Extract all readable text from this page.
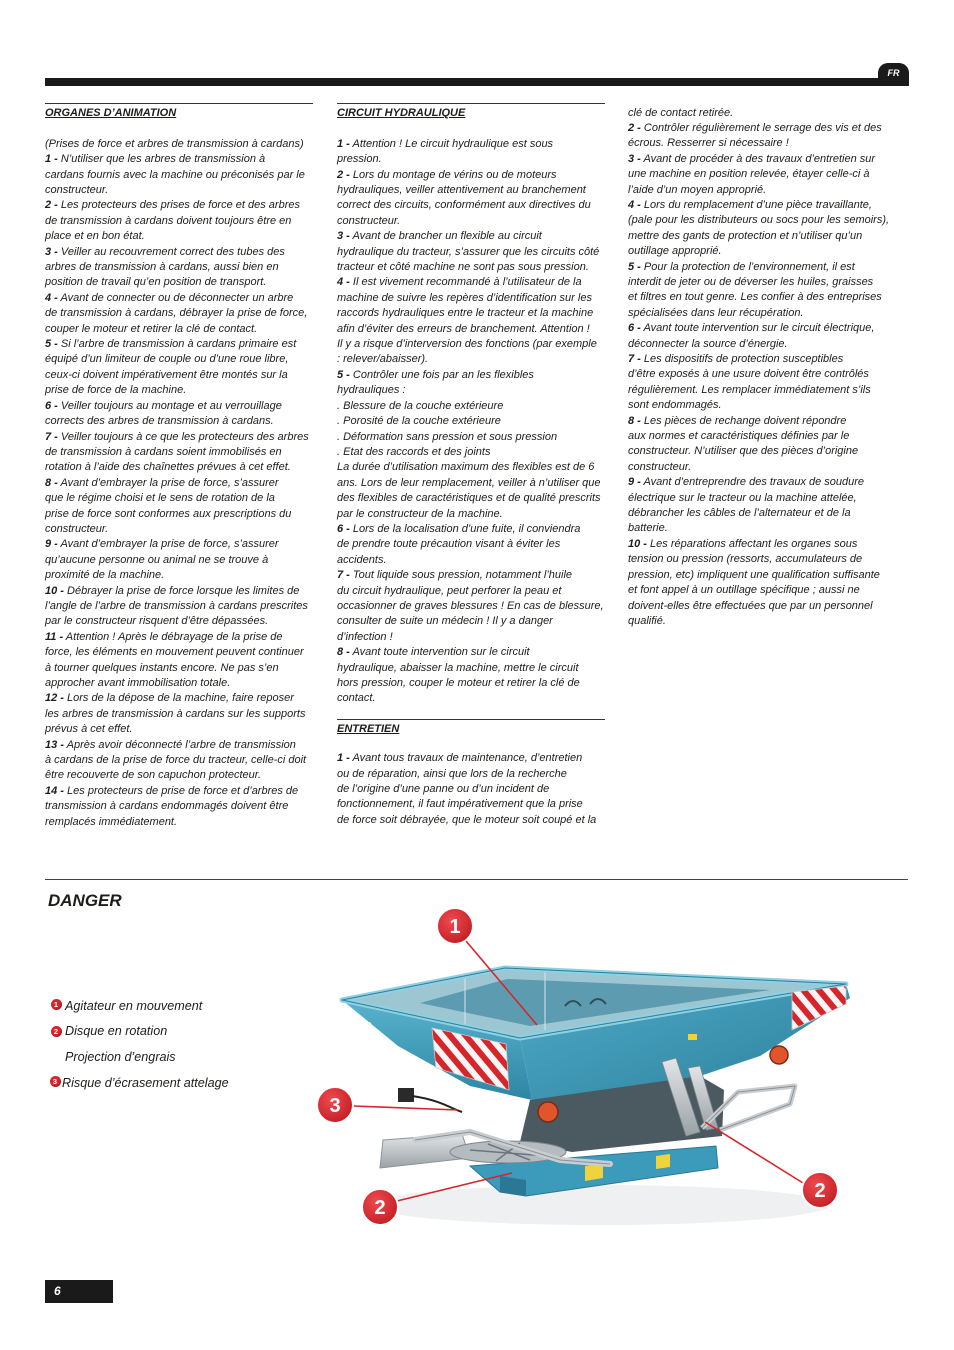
FR
ORGANES D’ANIMATION

(Prises de force et arbres de transmission à cardans)

1 - N’utiliser que les arbres de transmission à
cardans fournis avec la machine ou préconisés par le
constructeur.

2 - Les protecteurs des prises de force et des arbres
de transmission à cardans doivent toujours être en
place et en bon état.

3 - Veiller au recouvrement correct des tubes des
arbres de transmission à cardans, aussi bien en
position de travail qu’en position de transport.

4 - Avant de connecter ou de déconnecter un arbre
de transmission à cardans, débrayer la prise de force,
couper le moteur et retirer la clé de contact.

5 - Si l’arbre de transmission à cardans primaire est
équipé d’un limiteur de couple ou d’une roue libre,
ceux-ci doivent impérativement être montés sur la
prise de force de la machine.

6 - Veiller toujours au montage et au verrouillage
corrects des arbres de transmission à cardans.

7 - Veiller toujours à ce que les protecteurs des arbres
de transmission à cardans soient immobilisés en
rotation à l’aide des chaînettes prévues à cet effet.

8 - Avant d’embrayer la prise de force, s’assurer
que le régime choisi et le sens de rotation de la
prise de force sont conformes aux prescriptions du
constructeur.

9 - Avant d’embrayer la prise de force, s’assurer
qu’aucune personne ou animal ne se trouve à
proximité de la machine.

10 - Débrayer la prise de force lorsque les limites de
l’angle de l’arbre de transmission à cardans prescrites
par le constructeur risquent d’être dépassées.

11 - Attention ! Après le débrayage de la prise de
force, les éléments en mouvement peuvent continuer
à tourner quelques instants encore. Ne pas s’en
approcher avant immobilisation totale.

12 - Lors de la dépose de la machine, faire reposer
les arbres de transmission à cardans sur les supports
prévus à cet effet.

13 - Après avoir déconnecté l’arbre de transmission
à cardans de la prise de force du tracteur, celle-ci doit
être recouverte de son capuchon protecteur.

14 - Les protecteurs de prise de force et d’arbres de
transmission à cardans endommagés doivent être
remplacés immédiatement.

CIRCUIT HYDRAULIQUE

1 - Attention ! Le circuit hydraulique est sous
pression.

2 - Lors du montage de vérins ou de moteurs
hydrauliques, veiller attentivement au branchement
correct des circuits, conformément aux directives du
constructeur.

3 - Avant de brancher un flexible au circuit
hydraulique du tracteur, s’assurer que les circuits côté
tracteur et côté machine ne sont pas sous pression.

4 - Il est vivement recommandé à l’utilisateur de la
machine de suivre les repères d’identification sur les
raccords hydrauliques entre le tracteur et la machine
afin d’éviter des erreurs de branchement. Attention !
Il y a risque d’interversion des fonctions (par exemple
: relever/abaisser).

5 - Contrôler une fois par an les flexibles
hydrauliques :
. Blessure de la couche extérieure
. Porosité de la couche extérieure
. Déformation sans pression et sous pression
. Etat des raccords et des joints
La durée d’utilisation maximum des flexibles est de 6
ans. Lors de leur remplacement, veiller à n’utiliser que
des flexibles de caractéristiques et de qualité prescrits
par le constructeur de la machine.

6 - Lors de la localisation d’une fuite, il conviendra
de prendre toute précaution visant à éviter les
accidents.

7 - Tout liquide sous pression, notamment l’huile
du circuit hydraulique, peut perforer la peau et
occasionner de graves blessures ! En cas de blessure,
consulter de suite un médecin ! Il y a danger
d’infection !

8 - Avant toute intervention sur le circuit
hydraulique, abaisser la machine, mettre le circuit
hors pression, couper le moteur et retirer la clé de
contact.

ENTRETIEN

1 - Avant tous travaux de maintenance, d’entretien
ou de réparation, ainsi que lors de la recherche
de l’origine d’une panne ou d’un incident de
fonctionnement, il faut impérativement que la prise
de force soit débrayée, que le moteur soit coupé et la

clé de contact retirée.

2 - Contrôler régulièrement le serrage des vis et des
écrous. Resserrer si nécessaire !

3 - Avant de procéder à des travaux d’entretien sur
une machine en position relevée, étayer celle-ci à
l’aide d’un moyen approprié.

4 - Lors du remplacement d’une pièce travaillante,
(pale pour les distributeurs ou socs pour les semoirs),
mettre des gants de protection et n’utiliser qu’un
outillage approprié.

5 - Pour la protection de l’environnement, il est
interdit de jeter ou de déverser les huiles, graisses
et filtres en tout genre. Les confier à des entreprises
spécialisées dans leur récupération.

6 - Avant toute intervention sur le circuit électrique,
déconnecter la source d’énergie.

7 - Les dispositifs de protection susceptibles
d’être exposés à une usure doivent être contrôlés
régulièrement. Les remplacer immédiatement s’ils
sont endommagés.

8 - Les pièces de rechange doivent répondre
aux normes et caractéristiques définies par le
constructeur. N’utiliser que des pièces d’origine
constructeur.

9 - Avant d’entreprendre des travaux de soudure
électrique sur le tracteur ou la machine attelée,
débrancher les câbles de l’alternateur et de la
batterie.

10 - Les réparations affectant les organes sous
tension ou pression (ressorts, accumulateurs de
pression, etc) impliquent une qualification suffisante
et font appel à un outillage spécifique ; aussi ne
doivent-elles être effectuées que par un personnel
qualifié.

DANGER
1 Agitateur en mouvement
2 Disque en rotation
Projection d’engrais
3 Risque d’écrasement attelage
DX20.2
1
3
2
2
6
